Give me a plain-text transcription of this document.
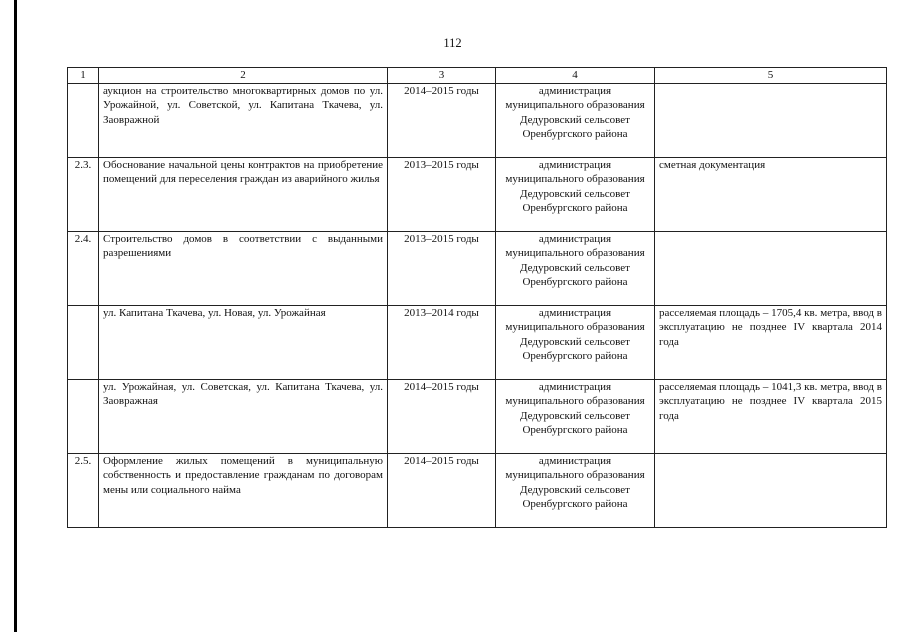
112
1	2	3	4	5
	аукцион на строительство многоквартирных домов по ул. Урожайной, ул. Советской, ул. Капитана Ткачева, ул. Заовражной	2014–2015 годы	администрация муниципального образования Дедуровский сельсовет Оренбургского района	
2.3.	Обоснование начальной цены контрактов на приобретение помещений для переселения граждан из аварийного жилья	2013–2015 годы	администрация муниципального образования Дедуровский сельсовет Оренбургского района	сметная документация
2.4.	Строительство домов в соответствии с выданными разрешениями	2013–2015 годы	администрация муниципального образования Дедуровский сельсовет Оренбургского района	
	ул. Капитана Ткачева, ул. Новая, ул. Урожайная	2013–2014 годы	администрация муниципального образования Дедуровский сельсовет Оренбургского района	расселяемая площадь – 1705,4 кв. метра, ввод в эксплуатацию не позднее IV квартала 2014 года
	ул. Урожайная, ул. Советская, ул. Капитана Ткачева, ул. Заовражная	2014–2015 годы	администрация муниципального образования Дедуровский сельсовет Оренбургского района	расселяемая площадь – 1041,3 кв. метра, ввод в эксплуатацию не позднее IV квартала 2015 года
2.5.	Оформление жилых помещений в муниципальную собственность и предоставление гражданам по договорам мены или социального найма	2014–2015 годы	администрация муниципального образования Дедуровский сельсовет Оренбургского района	
